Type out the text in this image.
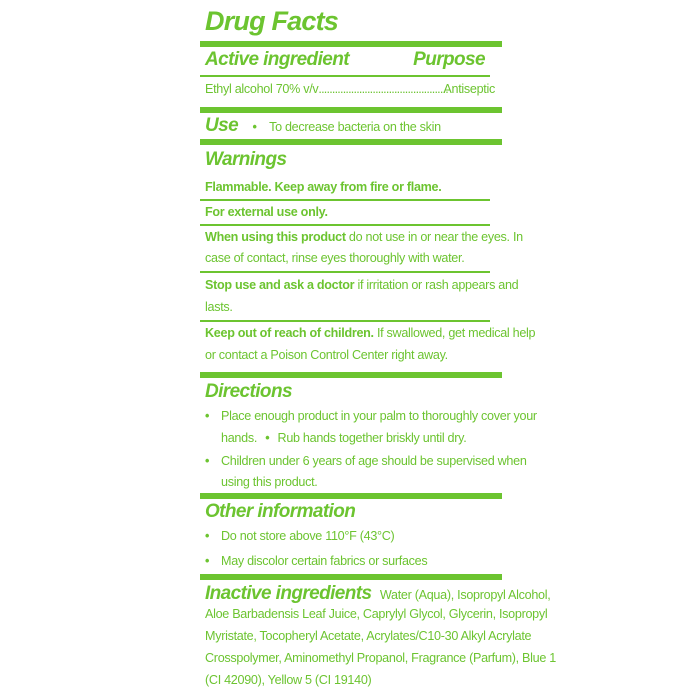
Drug Facts
Active ingredient	Purpose
Ethyl alcohol 70% v/v................................................
Antiseptic
Use • To decrease bacteria on the skin
Warnings
Flammable. Keep away from fire or flame.
For external use only.
When using this product do not use in or near the eyes. In
case of contact, rinse eyes thoroughly with water.
Stop use and ask a doctor if irritation or rash appears and
lasts.
Keep out of reach of children. If swallowed, get medical help
or contact a Poison Control Center right away.
Directions
• Place enough product in your palm to thoroughly cover your
hands. • Rub hands together briskly until dry.
• Children under 6 years of age should be supervised when
using this product.
Other information
• Do not store above 110°F (43°C)
• May discolor certain fabrics or surfaces
Inactive ingredients Water (Aqua), Isopropyl Alcohol,
Aloe Barbadensis Leaf Juice, Caprylyl Glycol, Glycerin, Isopropyl
Myristate, Tocopheryl Acetate, Acrylates/C10-30 Alkyl Acrylate
Crosspolymer, Aminomethyl Propanol, Fragrance (Parfum), Blue 1
(CI 42090), Yellow 5 (CI 19140)
